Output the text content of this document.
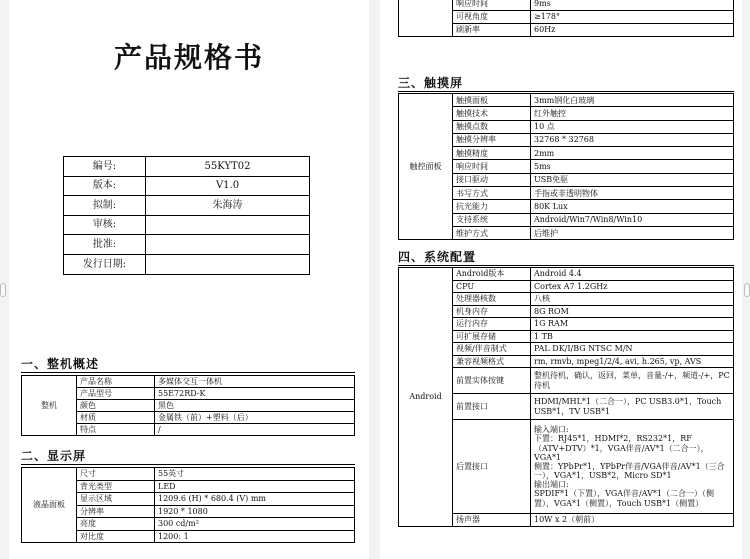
产品规格书
编号:	55KYT02
版本:	V1.0
拟制:	朱海涛
审核:	
批准:	
发行日期:	
一、整机概述
整机	产品名称	多媒体交互一体机
	产品型号	55E72RD-K
	颜色	黑色
	材质	金属铁（前）+塑料（后）
	特点	/
二、显示屏
液晶面板	尺寸	55英寸
	背光类型	LED
	显示区域	1209.6 (H) * 680.4 (V) mm
	分辨率	1920 * 1080
	亮度	300 cd/m²
	对比度	1200: 1
	响应时间	9ms
	可视角度	≥178°
	刷新率	60Hz
三、触摸屏
触控面板	触摸面板	3mm钢化白玻璃
	触摸技术	红外触控
	触摸点数	10 点
	触摸分辨率	32768 * 32768
	触摸精度	2mm
	响应时间	5ms
	接口驱动	USB免驱
	书写方式	手指或非透明物体
	抗光能力	80K Lux
	支持系统	Android/Win7/Win8/Win10
	维护方式	后维护
四、系统配置
Android	Android版本	Android 4.4
	CPU	Cortex A7 1.2GHz
	处理器核数	八核
	机身内存	8G ROM
	运行内存	1G RAM
	可扩展存储	1 TB
	视频/伴音制式	PAL DK/I/BG NTSC M/N
	兼容视频格式	rm, rmvb, mpeg1/2/4, avi, h.265, vp, AVS
	前置实体按键	整机待机，确认，返回，菜单，音量-/+，频道-/+，PC待机
	前置接口	HDMI/MHL*1（二合一），PC USB3.0*1，Touch USB*1，TV USB*1
	后置接口	输入端口:
下置：RJ45*1，HDMI*2，RS232*1，RF（ATV+DTV）*1，VGA伴音/AV*1（二合一），VGA*1
侧置：YPbPr*1，YPbPr伴音/VGA伴音/AV*1（三合一），VGA*1，USB*2，Micro SD*1
输出端口:
SPDIF*1（下置），VGA伴音/AV*1（二合一）（侧置），VGA*1（侧置），Touch USB*1（侧置）
	扬声器	10W x 2（朝前）
